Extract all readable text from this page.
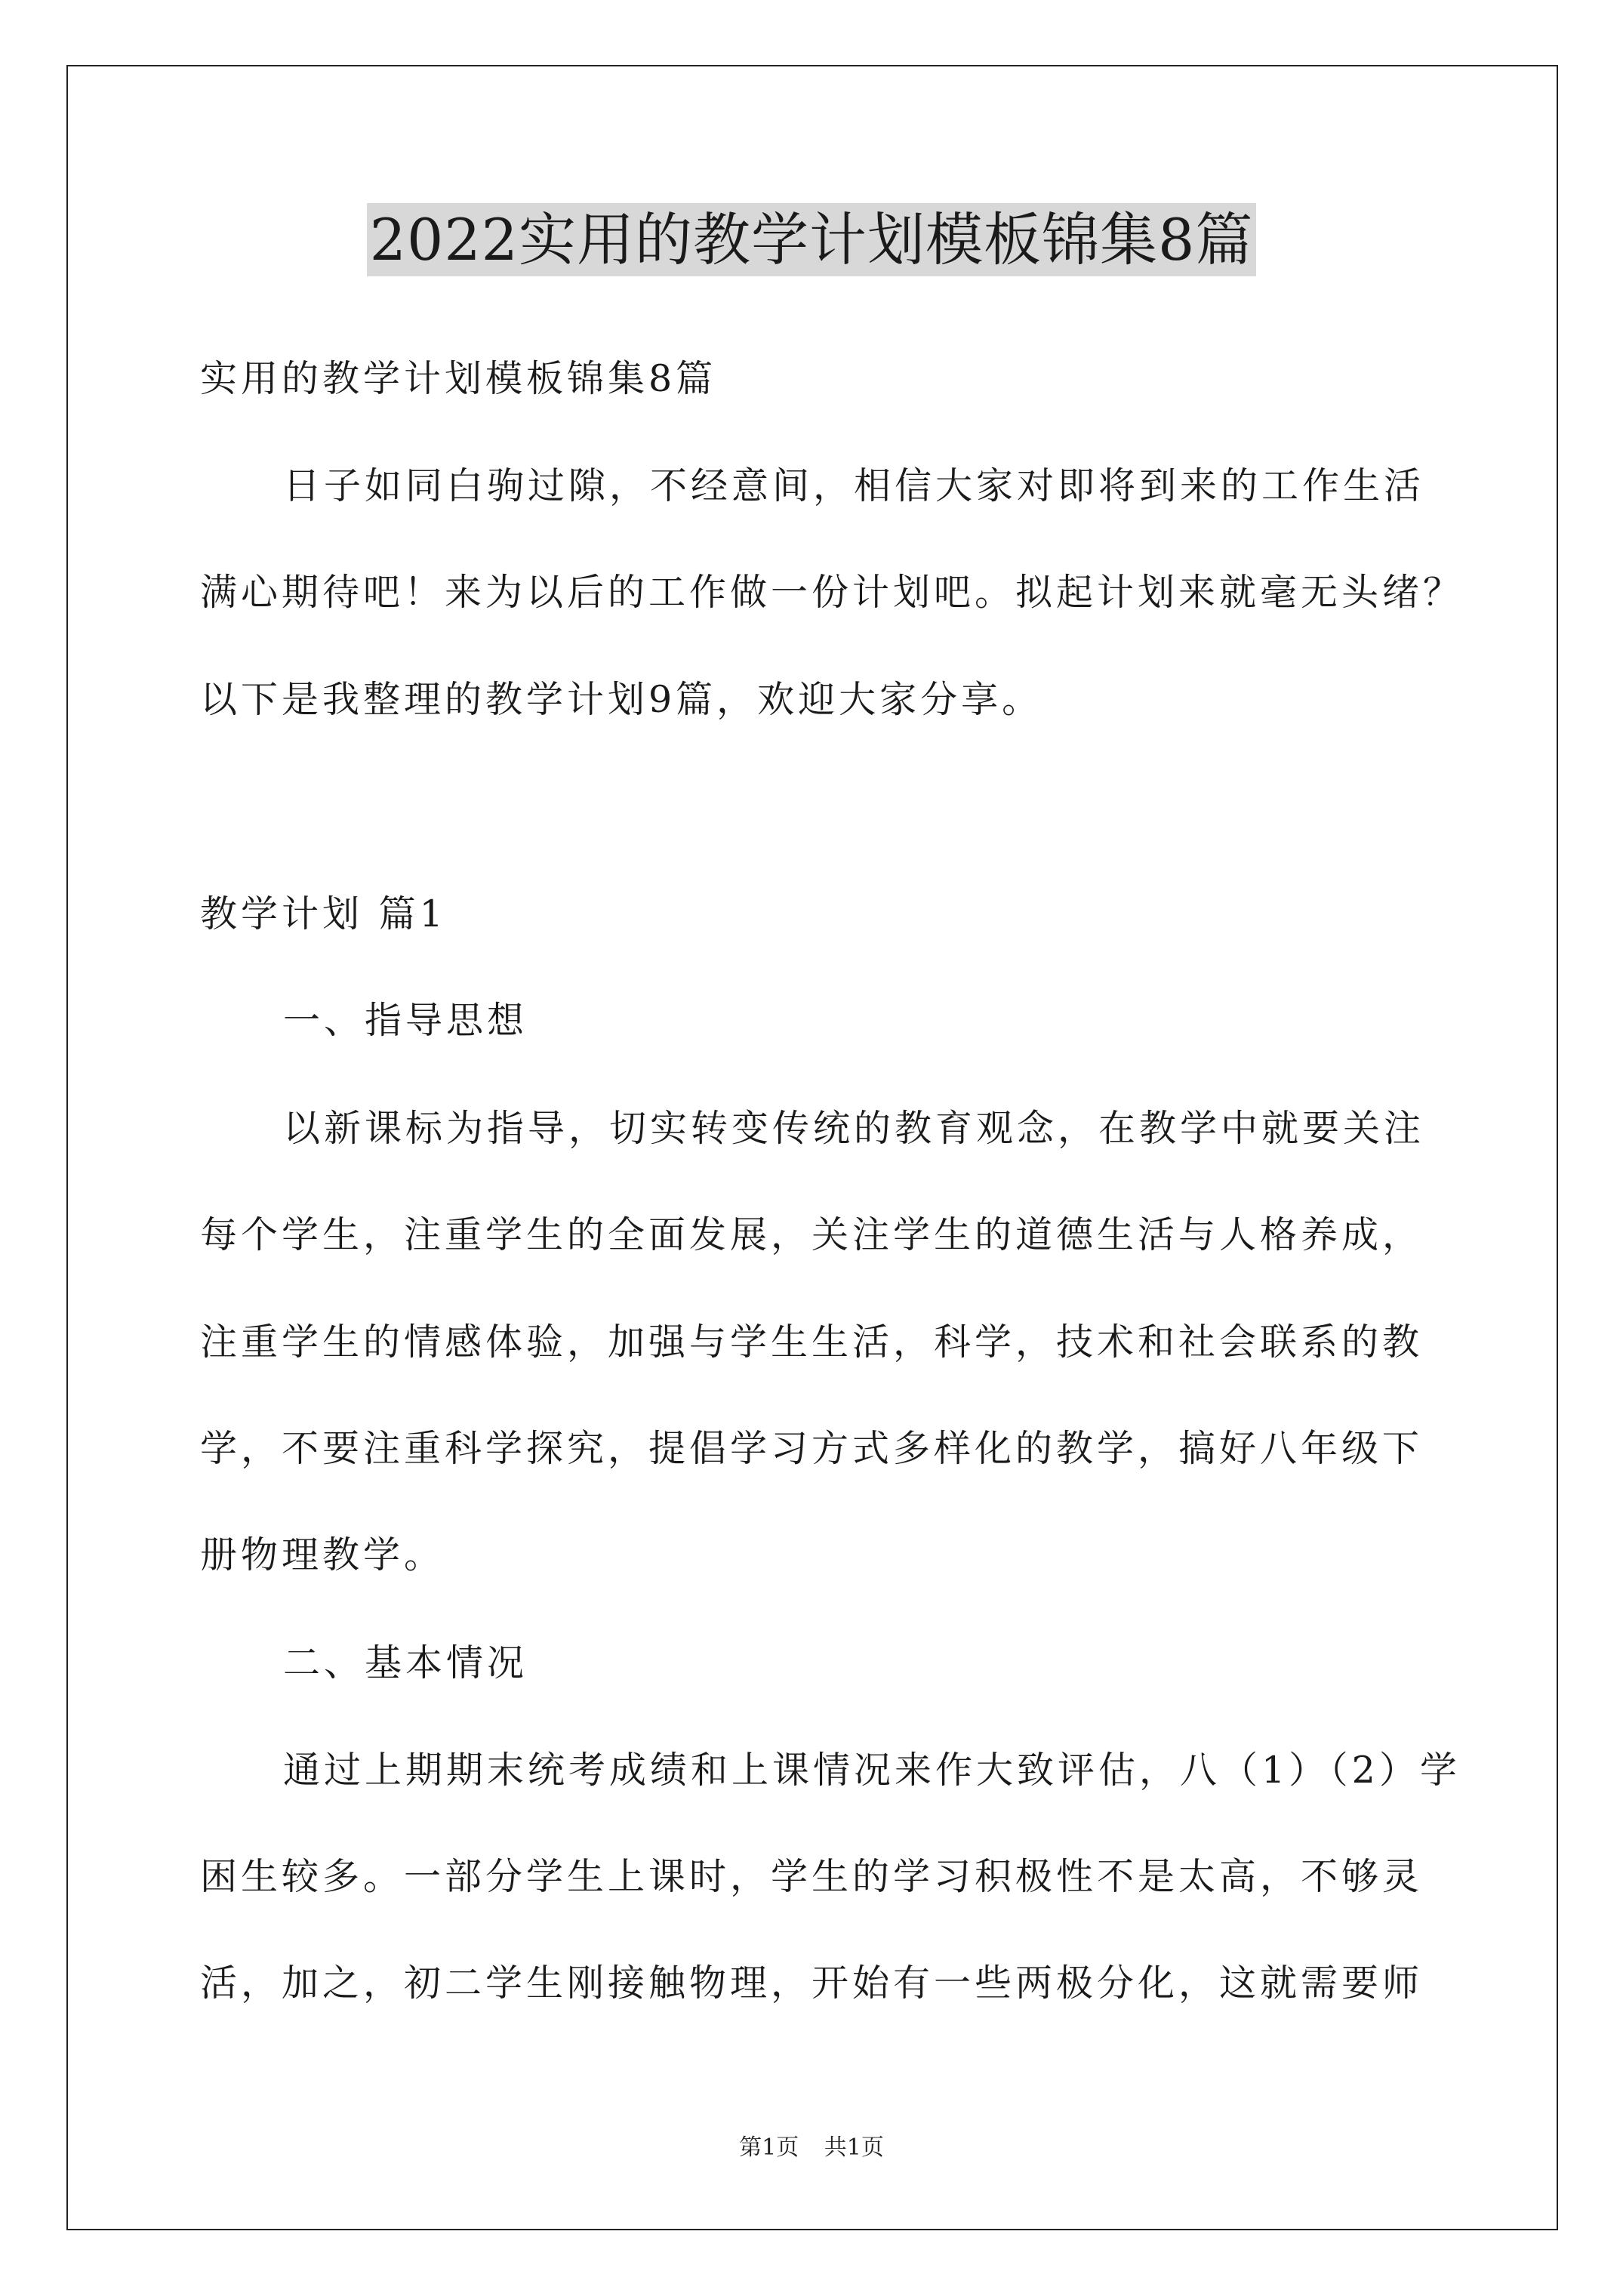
2022实用的教学计划模板锦集8篇
实用的教学计划模板锦集8篇
日子如同白驹过隙，不经意间，相信大家对即将到来的工作生活
满心期待吧！来为以后的工作做一份计划吧。拟起计划来就毫无头绪？
以下是我整理的教学计划9篇，欢迎大家分享。
教学计划 篇1
一、指导思想
以新课标为指导，切实转变传统的教育观念，在教学中就要关注
每个学生，注重学生的全面发展，关注学生的道德生活与人格养成，
注重学生的情感体验，加强与学生生活，科学，技术和社会联系的教
学，不要注重科学探究，提倡学习方式多样化的教学，搞好八年级下
册物理教学。
二、基本情况
通过上期期末统考成绩和上课情况来作大致评估，八（1）（2）学
困生较多。一部分学生上课时，学生的学习积极性不是太高，不够灵
活，加之，初二学生刚接触物理，开始有一些两极分化，这就需要师
第1页 共1页
